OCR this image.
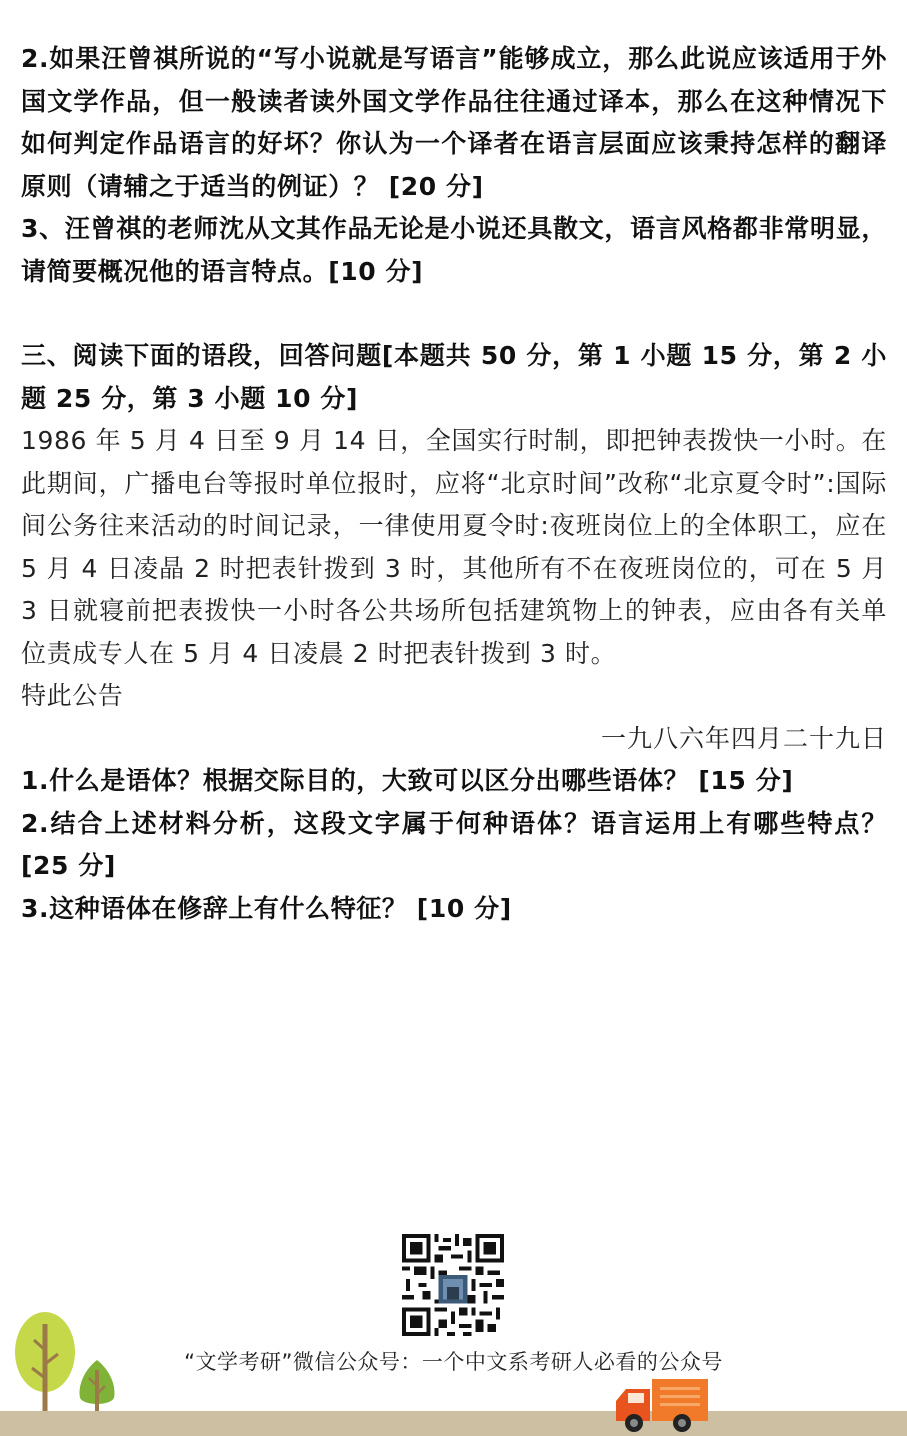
2.如果汪曾祺所说的“写小说就是写语言”能够成立，那么此说应该适用于外国文学作品，但一般读者读外国文学作品往往通过译本，那么在这种情况下如何判定作品语言的好坏？你认为一个译者在语言层面应该秉持怎样的翻译原则（请辅之于适当的例证）？ [20 分]

3、汪曾祺的老师沈从文其作品无论是小说还具散文，语言风格都非常明显，请简要概况他的语言特点。[10 分]

三、阅读下面的语段，回答问题[本题共 50 分，第 1 小题 15 分，第 2 小题 25 分，第 3 小题 10 分]

1986 年 5 月 4 日至 9 月 14 日，全国实行时制，即把钟表拨快一小时。在此期间，广播电台等报时单位报时，应将“北京时间”改称“北京夏令时”:国际间公务往来活动的时间记录，一律使用夏令时:夜班岗位上的全体职工，应在 5 月 4 日凌晶 2 时把表针拨到 3 时，其他所有不在夜班岗位的，可在 5 月 3 日就寝前把表拨快一小时各公共场所包括建筑物上的钟表，应由各有关单位责成专人在 5 月 4 日凌晨 2 时把表针拨到 3 时。

特此公告

一九八六年四月二十九日

1.什么是语体？根据交际目的，大致可以区分出哪些语体？ [15 分]

2.结合上述材料分析，这段文字属于何种语体？语言运用上有哪些特点？[25 分]

3.这种语体在修辞上有什么特征？ [10 分]

“文学考研”微信公众号：一个中文系考研人必看的公众号
